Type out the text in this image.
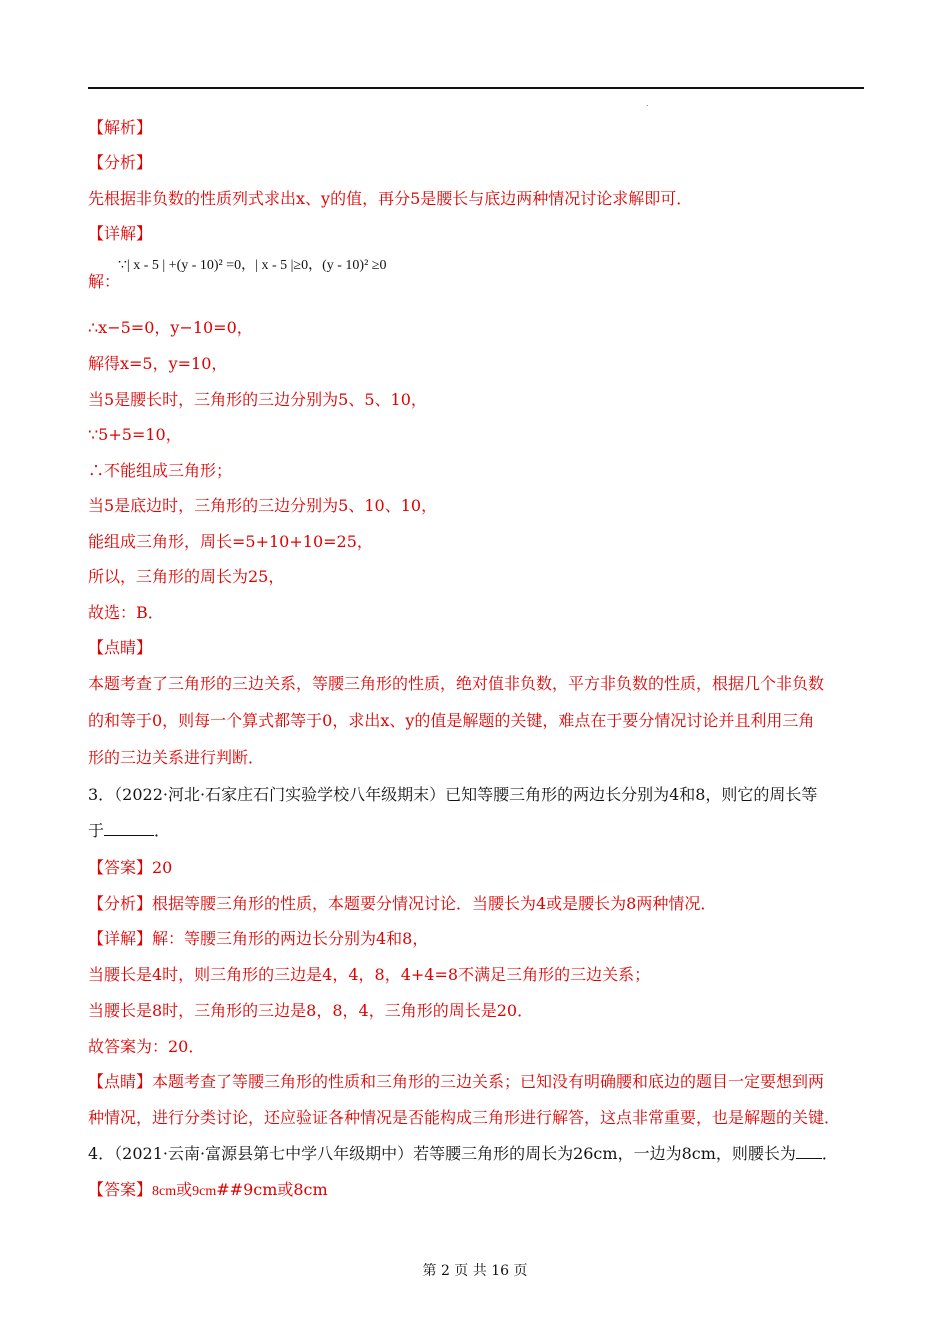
.
【解析】
【分析】
先根据非负数的性质列式求出x、y的值，再分5是腰长与底边两种情况讨论求解即可．
【详解】
解：
∵| x - 5 | +(y - 10)² =0，| x - 5 |≥0，(y - 10)² ≥0
∴x−5=0，y−10=0，
解得x=5，y=10，
当5是腰长时，三角形的三边分别为5、5、10，
∵5+5=10，
∴不能组成三角形；
当5是底边时，三角形的三边分别为5、10、10，
能组成三角形，周长=5+10+10=25，
所以，三角形的周长为25，
故选：B．
【点睛】
本题考查了三角形的三边关系，等腰三角形的性质，绝对值非负数，平方非负数的性质，根据几个非负数
的和等于0，则每一个算式都等于0，求出x、y的值是解题的关键，难点在于要分情况讨论并且利用三角
形的三边关系进行判断．
3．（2022·河北·石家庄石门实验学校八年级期末）已知等腰三角形的两边长分别为4和8，则它的周长等
于	．
【答案】20
【分析】根据等腰三角形的性质，本题要分情况讨论．当腰长为4或是腰长为8两种情况．
【详解】解：等腰三角形的两边长分别为4和8，
当腰长是4时，则三角形的三边是4，4，8，4+4=8不满足三角形的三边关系；
当腰长是8时，三角形的三边是8，8，4，三角形的周长是20．
故答案为：20．
【点睛】本题考查了等腰三角形的性质和三角形的三边关系；已知没有明确腰和底边的题目一定要想到两
种情况，进行分类讨论，还应验证各种情况是否能构成三角形进行解答，这点非常重要，也是解题的关键．
4．（2021·云南·富源县第七中学八年级期中）若等腰三角形的周长为26cm，一边为8cm，则腰长为 ．
【答案】8cm或9cm##9cm或8cm
第 2 页 共 16 页
